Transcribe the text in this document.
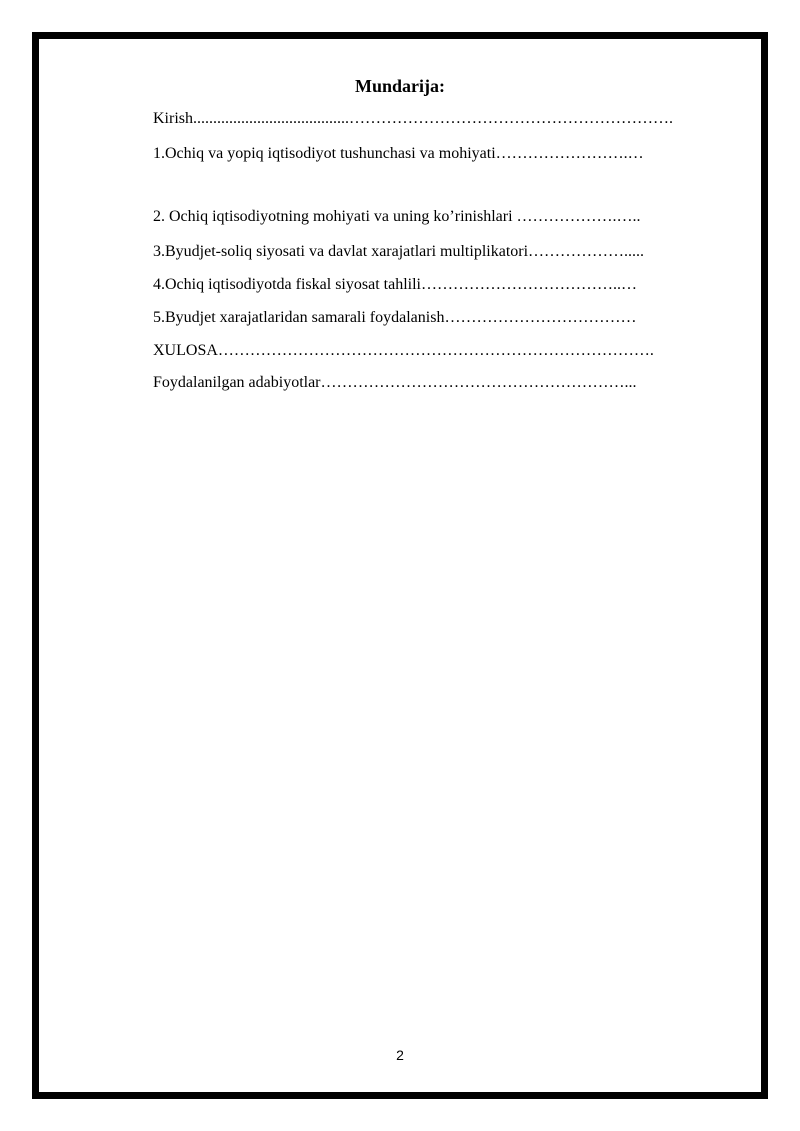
Mundarija:
Kirish.......................................…………………………………………………….
1.Ochiq va yopiq iqtisodiyot tushunchasi va mohiyati…………………….…
2. Ochiq iqtisodiyotning mohiyati va uning ko’rinishlari ……………….…..
3.Byudjet-soliq siyosati va davlat xarajatlari multiplikatori……………….....
4.Ochiq iqtisodiyotda fiskal siyosat tahlili………………………………..…
5.Byudjet xarajatlaridan samarali foydalanish………………………………
XULOSA……………………………………………………………………….
Foydalanilgan adabiyotlar…………………………………………………...
2
